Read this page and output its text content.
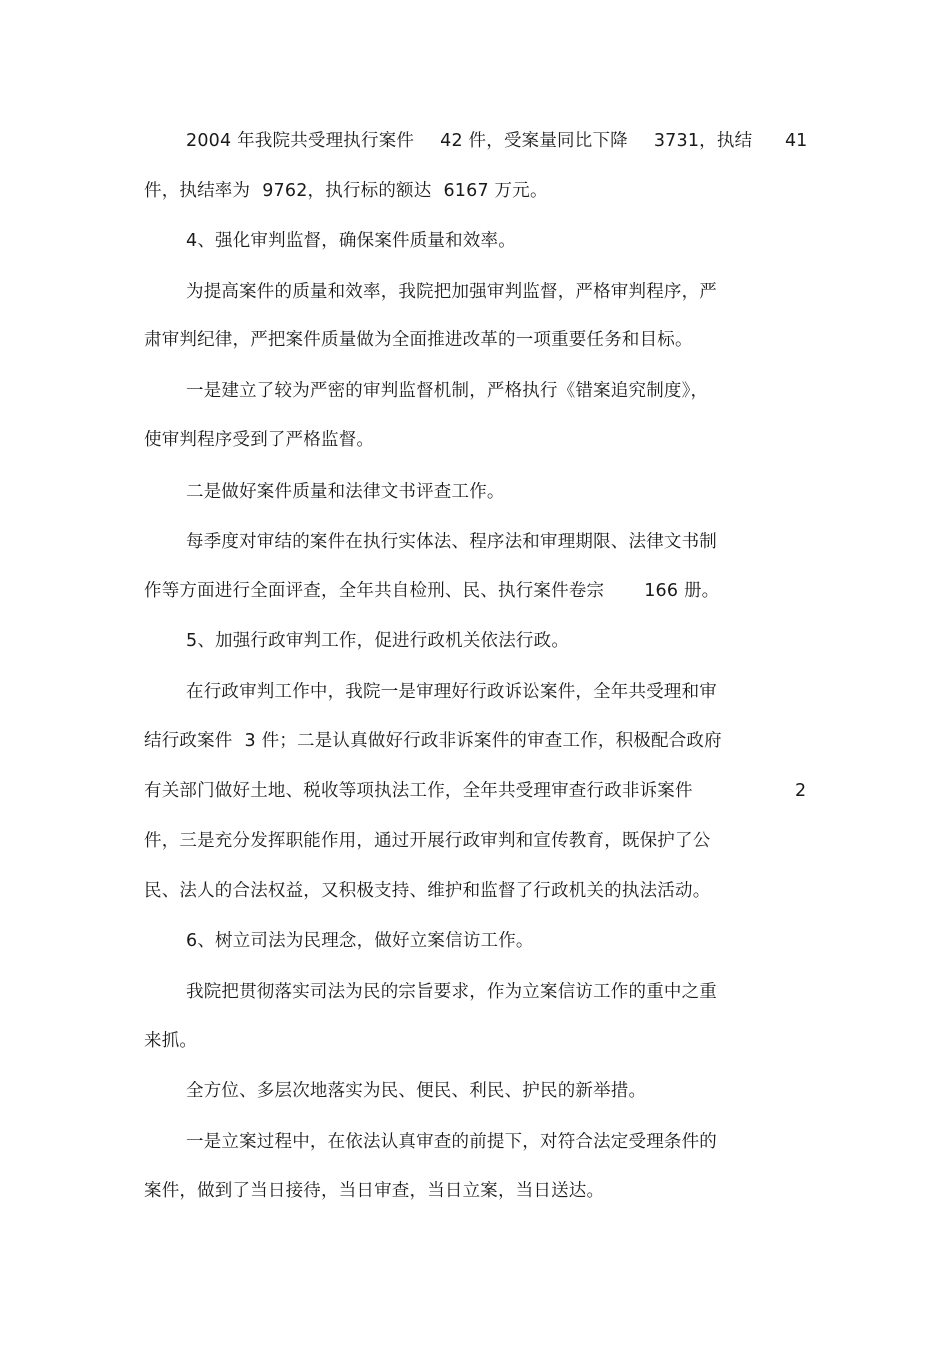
2004 年我院共受理执行案件 42 件，受案量同比下降 3731，执结 41
件，执结率为 9762，执行标的额达 6167 万元。
4、强化审判监督，确保案件质量和效率。
为提高案件的质量和效率，我院把加强审判监督，严格审判程序，严
肃审判纪律，严把案件质量做为全面推进改革的一项重要任务和目标。
一是建立了较为严密的审判监督机制，严格执行《错案追究制度》，
使审判程序受到了严格监督。
二是做好案件质量和法律文书评查工作。
每季度对审结的案件在执行实体法、程序法和审理期限、法律文书制
作等方面进行全面评查，全年共自检刑、民、执行案件卷宗 166 册。
5、加强行政审判工作，促进行政机关依法行政。
在行政审判工作中，我院一是审理好行政诉讼案件，全年共受理和审
结行政案件 3 件；二是认真做好行政非诉案件的审查工作，积极配合政府
有关部门做好土地、税收等项执法工作，全年共受理审查行政非诉案件	2
件，三是充分发挥职能作用，通过开展行政审判和宣传教育，既保护了公
民、法人的合法权益，又积极支持、维护和监督了行政机关的执法活动。
6、树立司法为民理念，做好立案信访工作。
我院把贯彻落实司法为民的宗旨要求，作为立案信访工作的重中之重
来抓。
全方位、多层次地落实为民、便民、利民、护民的新举措。
一是立案过程中，在依法认真审查的前提下，对符合法定受理条件的
案件，做到了当日接待，当日审查，当日立案，当日送达。
